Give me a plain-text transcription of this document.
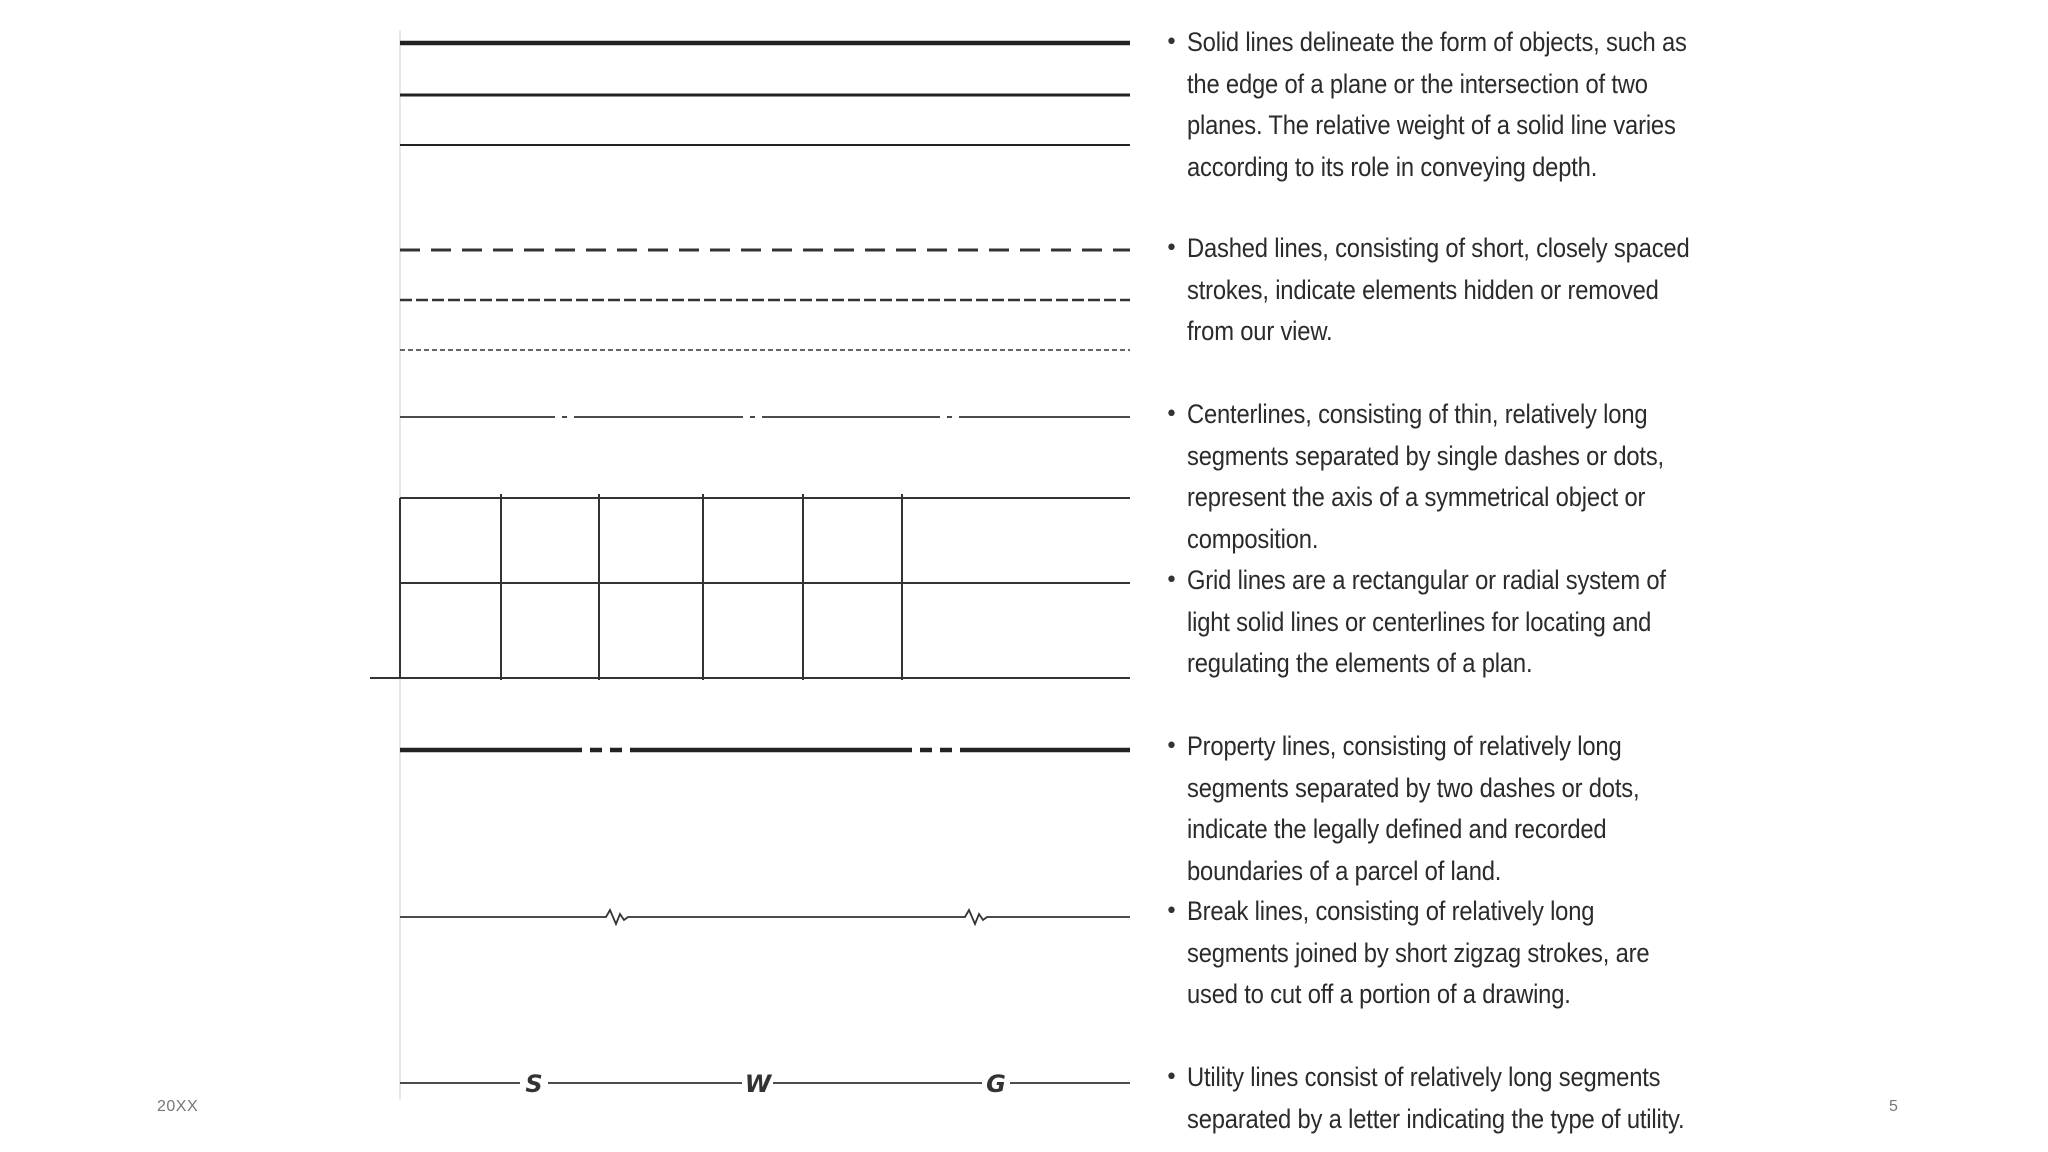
S	W	G
• Solid lines delineate the form of objects, such as the edge of a plane or the intersection of two planes. The relative weight of a solid line varies according to its role in conveying depth.
• Dashed lines, consisting of short, closely spaced strokes, indicate elements hidden or removed from our view.
• Centerlines, consisting of thin, relatively long segments separated by single dashes or dots, represent the axis of a symmetrical object or composition.
• Grid lines are a rectangular or radial system of light solid lines or centerlines for locating and regulating the elements of a plan.
• Property lines, consisting of relatively long segments separated by two dashes or dots, indicate the legally defined and recorded boundaries of a parcel of land.
• Break lines, consisting of relatively long segments joined by short zigzag strokes, are used to cut off a portion of a drawing.
• Utility lines consist of relatively long segments separated by a letter indicating the type of utility.
20XX	5
